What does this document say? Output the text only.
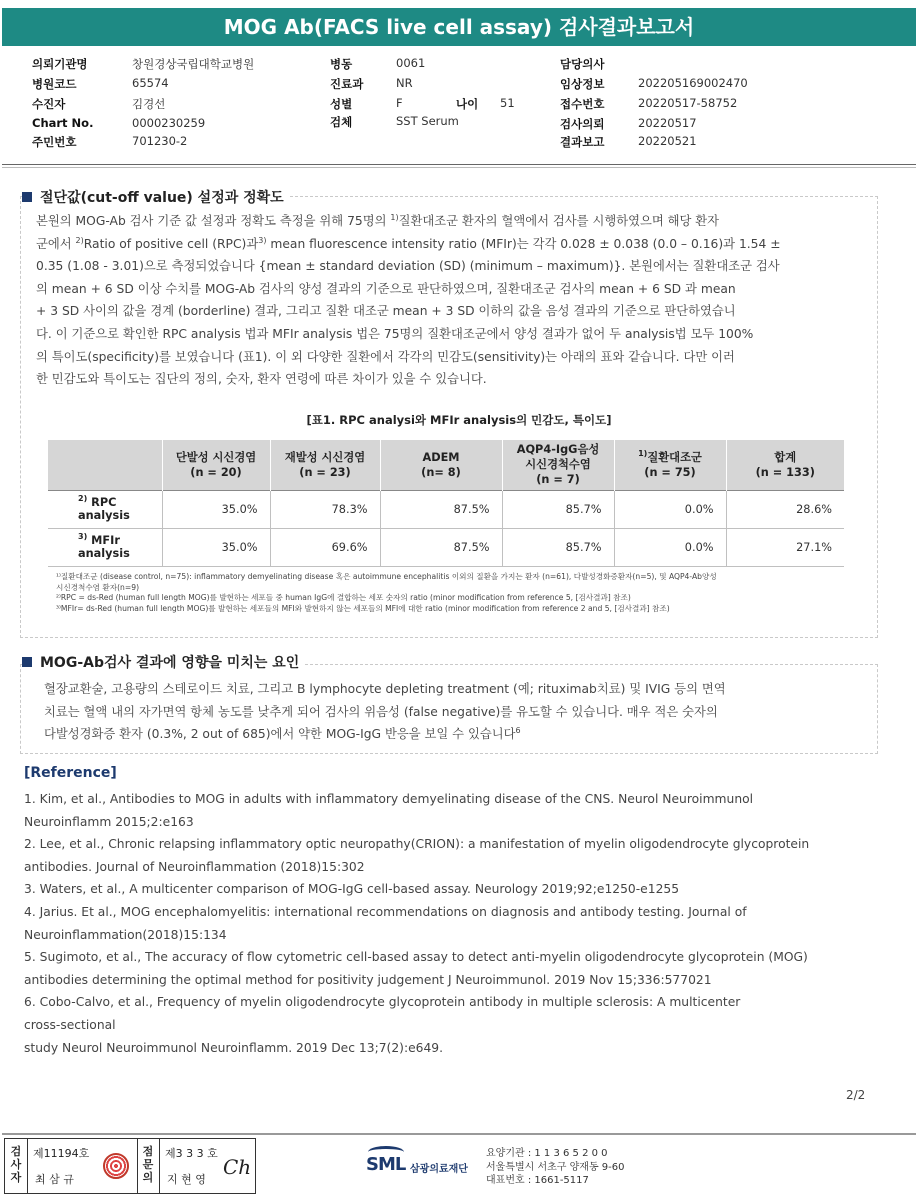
MOG Ab(FACS live cell assay) 검사결과보고서
의뢰기관명	창원경상국립대학교병원
병원코드	65574
수진자	김경선
Chart No.	0000230259
주민번호	701230-2
병동	0061
진료과	NR
성별	F	나이 51
검체	SST Serum
담당의사
임상정보	202205169002470
접수번호	20220517-58752
검사의뢰	20220517
결과보고	20220521
절단값(cut-off value) 설정과 정확도
본원의 MOG-Ab 검사 기준 값 설정과 정확도 측정을 위해 75명의 $^{1)}$질환대조군 환자의 혈액에서 검사를 시행하였으며 해당 환자
군에서 $^{2)}$Ratio of positive cell (RPC)과$^{3)}$ mean fluorescence intensity ratio (MFIr)는 각각 0.028 ± 0.038 (0.0 – 0.16)과 1.54 ±
0.35 (1.08 - 3.01)으로 측정되었습니다 {mean ± standard deviation (SD) (minimum – maximum)}. 본원에서는 질환대조군 검사
의 mean + 6 SD 이상 수치를 MOG-Ab 검사의 양성 결과의 기준으로 판단하였으며, 질환대조군 검사의 mean + 6 SD 과 mean
+ 3 SD 사이의 값을 경계 (borderline) 결과, 그리고 질환 대조군 mean + 3 SD 이하의 값을 음성 결과의 기준으로 판단하였습니
다. 이 기준으로 확인한 RPC analysis 법과 MFIr analysis 법은 75명의 질환대조군에서 양성 결과가 없어 두 analysis법 모두 100%
의 특이도(specificity)를 보였습니다 (표1). 이 외 다양한 질환에서 각각의 민감도(sensitivity)는 아래의 표와 같습니다. 다만 이러
한 민감도와 특이도는 집단의 정의, 숫자, 환자 연령에 따른 차이가 있을 수 있습니다.
[표1. RPC analysi와 MFIr analysis의 민감도, 특이도]
	단발성 시신경염
(n = 20)	재발성 시신경염
(n = 23)	ADEM
(n= 8)	AQP4-IgG음성
시신경척수염
(n = 7)	$^{1)}$질환대조군
(n = 75)	합계
(n = 133)
$^{2)}$ RPC analysis	35.0%	78.3%	87.5%	85.7%	0.0%	28.6%
$^{3)}$ MFIr analysis	35.0%	69.6%	87.5%	85.7%	0.0%	27.1%
¹⁾질환대조군 (disease control, n=75): inflammatory demyelinating disease 혹은 autoimmune encephalitis 이외의 질환을 가지는 환자 (n=61), 다발성경화증환자(n=5), 및 AQP4-Ab양성
시신경척수염 환자(n=9)
²⁾RPC = ds-Red (human full length MOG)를 발현하는 세포들 중 human IgG에 결합하는 세포 숫자의 ratio (minor modification from reference 5, [검사결과] 참조)
³⁾MFIr= ds-Red (human full length MOG)를 발현하는 세포들의 MFI와 발현하지 않는 세포들의 MFI에 대한 ratio (minor modification from reference 2 and 5, [검사결과] 참조)
MOG-Ab검사 결과에 영향을 미치는 요인
혈장교환술, 고용량의 스테로이드 치료, 그리고 B lymphocyte depleting treatment (예; rituximab치료) 및 IVIG 등의 면역
치료는 혈액 내의 자가면역 항체 농도를 낮추게 되어 검사의 위음성 (false negative)를 유도할 수 있습니다. 매우 적은 숫자의
다발성경화증 환자 (0.3%, 2 out of 685)에서 약한 MOG-IgG 반응을 보일 수 있습니다$^6$
[Reference]
1. Kim, et al., Antibodies to MOG in adults with inflammatory demyelinating disease of the CNS. Neurol Neuroimmunol
Neuroinflamm 2015;2:e163
2. Lee, et al., Chronic relapsing inflammatory optic neuropathy(CRION): a manifestation of myelin oligodendrocyte glycoprotein
antibodies. Journal of Neuroinflammation (2018)15:302
3. Waters, et al., A multicenter comparison of MOG-IgG cell-based assay. Neurology 2019;92;e1250-e1255
4. Jarius. Et al., MOG encephalomyelitis: international recommendations on diagnosis and antibody testing. Journal of
Neuroinflammation(2018)15:134
5. Sugimoto, et al., The accuracy of flow cytometric cell-based assay to detect anti-myelin oligodendrocyte glycoprotein (MOG)
antibodies determining the optimal method for positivity judgement J Neuroimmunol. 2019 Nov 15;336:577021
6. Cobo-Calvo, et al., Frequency of myelin oligodendrocyte glycoprotein antibody in multiple sclerosis: A multicenter
cross-sectional
study Neurol Neuroimmunol Neuroinflamm. 2019 Dec 13;7(2):e649.
2/2
검
사
자
제11194호
최 삼 규
점
문
의
제3 3 3 호
지 현 영
Ch	SML 삼광의료재단
요양기관 : 1 1 3 6 5 2 0 0
서울특별시 서초구 양재동 9-60
대표번호 : 1661-5117
